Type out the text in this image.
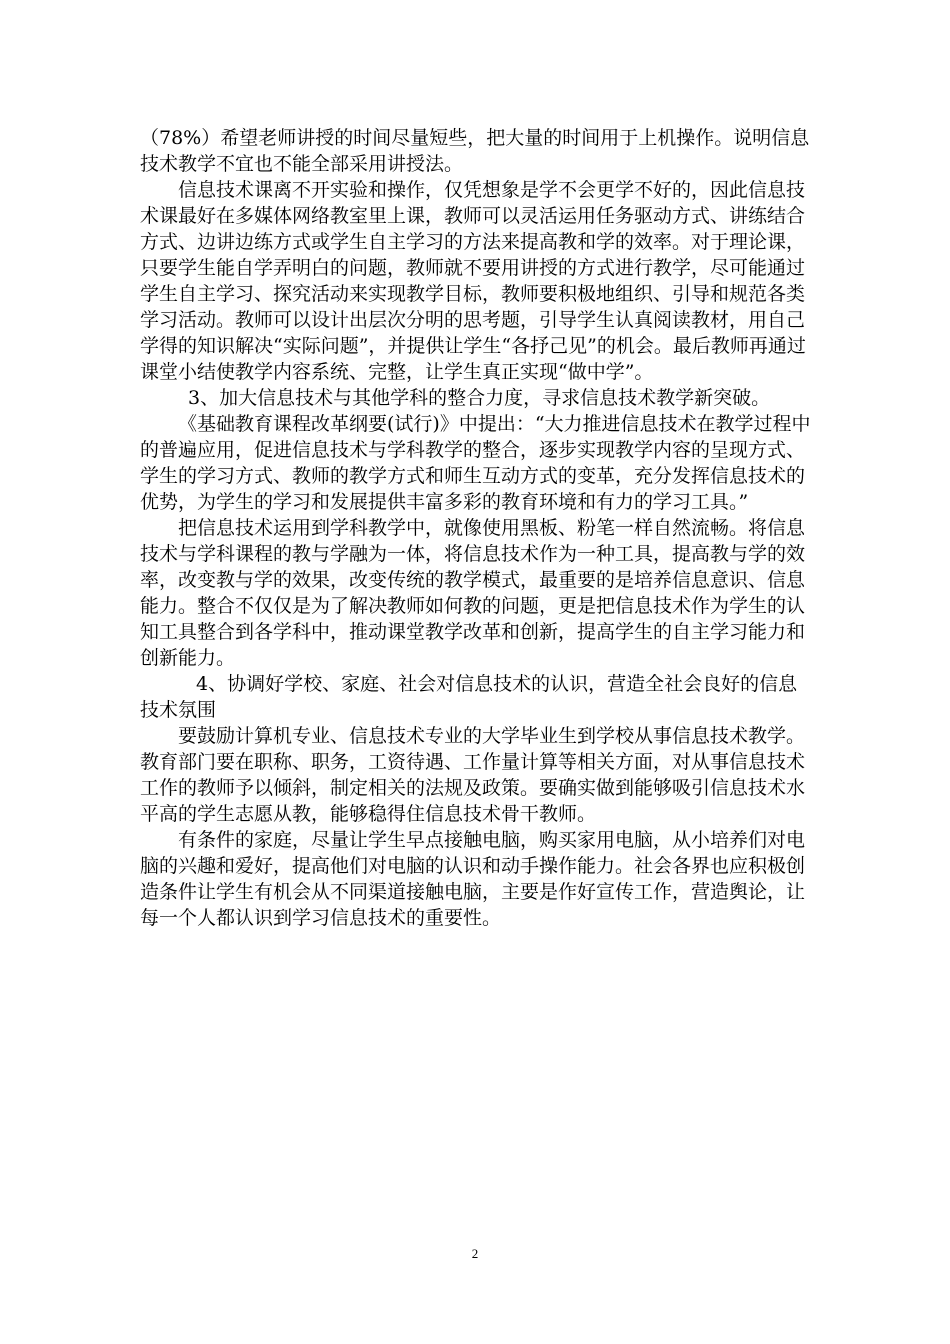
（78%）希望老师讲授的时间尽量短些，把大量的时间用于上机操作。说明信息技术教学不宜也不能全部采用讲授法。

信息技术课离不开实验和操作，仅凭想象是学不会更学不好的，因此信息技术课最好在多媒体网络教室里上课，教师可以灵活运用任务驱动方式、讲练结合方式、边讲边练方式或学生自主学习的方法来提高教和学的效率。对于理论课，只要学生能自学弄明白的问题，教师就不要用讲授的方式进行教学，尽可能通过学生自主学习、探究活动来实现教学目标，教师要积极地组织、引导和规范各类学习活动。教师可以设计出层次分明的思考题，引导学生认真阅读教材，用自己学得的知识解决“实际问题”，并提供让学生“各抒己见”的机会。最后教师再通过课堂小结使教学内容系统、完整，让学生真正实现“做中学”。

3、加大信息技术与其他学科的整合力度，寻求信息技术教学新突破。

《基础教育课程改革纲要(试行)》中提出：“大力推进信息技术在教学过程中的普遍应用，促进信息技术与学科教学的整合，逐步实现教学内容的呈现方式、学生的学习方式、教师的教学方式和师生互动方式的变革，充分发挥信息技术的优势，为学生的学习和发展提供丰富多彩的教育环境和有力的学习工具。”

把信息技术运用到学科教学中，就像使用黑板、粉笔一样自然流畅。将信息技术与学科课程的教与学融为一体，将信息技术作为一种工具，提高教与学的效率，改变教与学的效果，改变传统的教学模式，最重要的是培养信息意识、信息能力。整合不仅仅是为了解决教师如何教的问题，更是把信息技术作为学生的认知工具整合到各学科中，推动课堂教学改革和创新，提高学生的自主学习能力和创新能力。

4、协调好学校、家庭、社会对信息技术的认识，营造全社会良好的信息技术氛围

要鼓励计算机专业、信息技术专业的大学毕业生到学校从事信息技术教学。教育部门要在职称、职务，工资待遇、工作量计算等相关方面，对从事信息技术工作的教师予以倾斜，制定相关的法规及政策。要确实做到能够吸引信息技术水平高的学生志愿从教，能够稳得住信息技术骨干教师。

有条件的家庭，尽量让学生早点接触电脑，购买家用电脑，从小培养们对电脑的兴趣和爱好，提高他们对电脑的认识和动手操作能力。社会各界也应积极创造条件让学生有机会从不同渠道接触电脑，主要是作好宣传工作，营造舆论，让每一个人都认识到学习信息技术的重要性。

2
